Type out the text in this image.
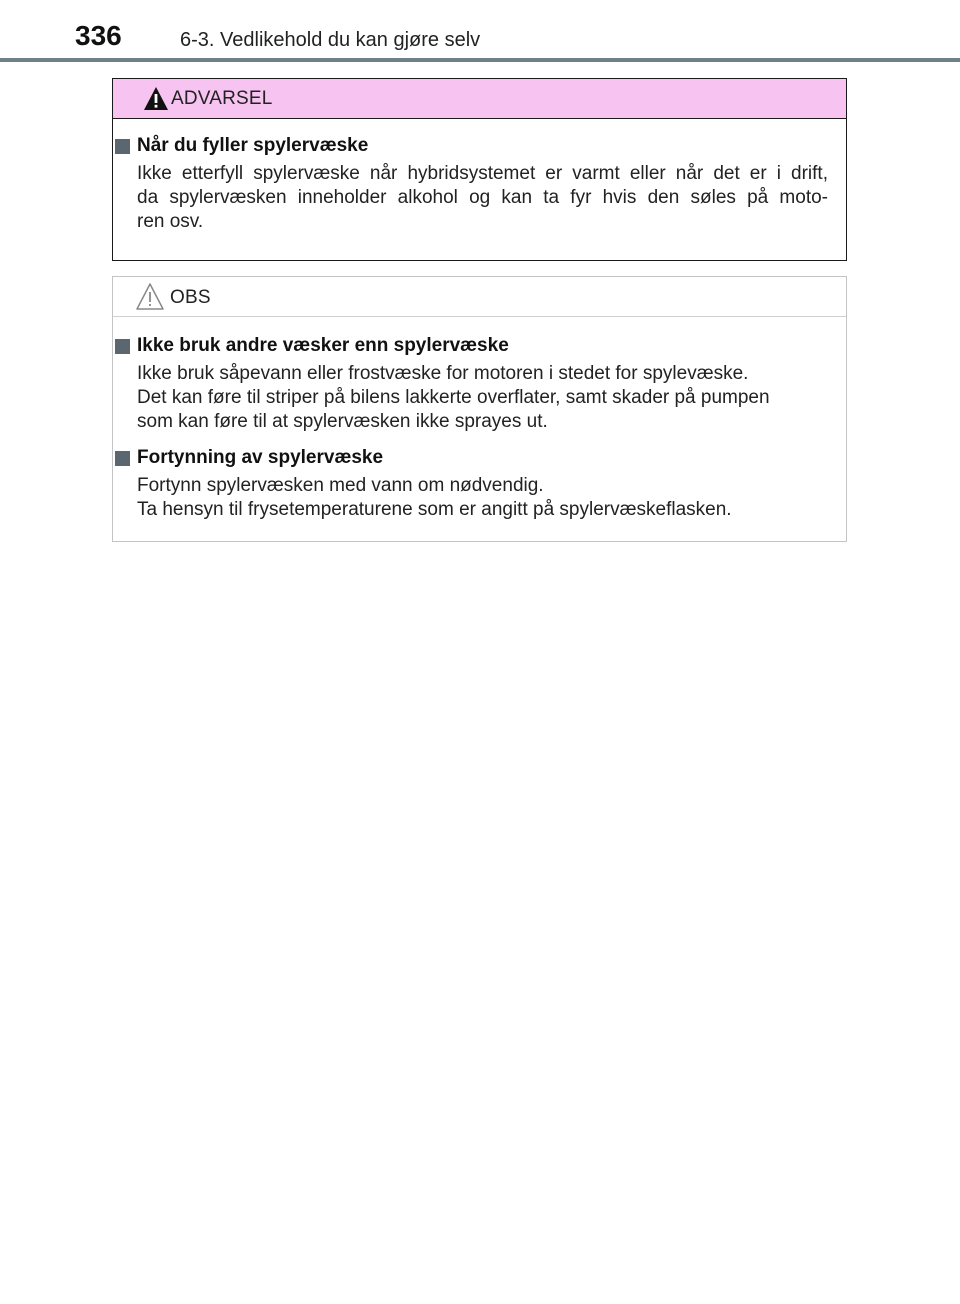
336	6-3. Vedlikehold du kan gjøre selv
ADVARSEL
Når du fyller spylervæske
Ikke etterfyll spylervæske når hybridsystemet er varmt eller når det er i drift,
da spylervæsken inneholder alkohol og kan ta fyr hvis den søles på moto-
ren osv.
OBS
Ikke bruk andre væsker enn spylervæske
Ikke bruk såpevann eller frostvæske for motoren i stedet for spylevæske.
Det kan føre til striper på bilens lakkerte overflater, samt skader på pumpen
som kan føre til at spylervæsken ikke sprayes ut.
Fortynning av spylervæske
Fortynn spylervæsken med vann om nødvendig.
Ta hensyn til frysetemperaturene som er angitt på spylervæskeflasken.
